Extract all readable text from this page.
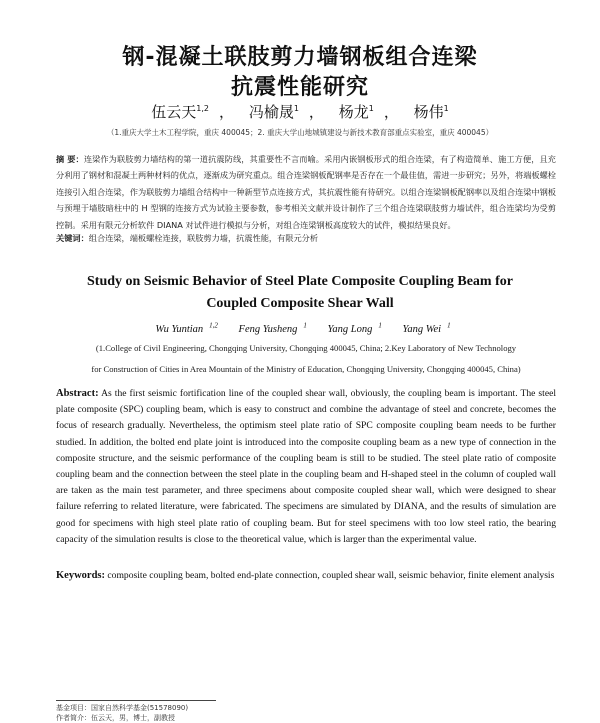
钢-混凝土联肢剪力墙钢板组合连梁
抗震性能研究
伍云天$^{1,2}$ ， 冯榆晟$^1$ ， 杨龙$^1$ ， 杨伟$^1$
（1.重庆大学土木工程学院，重庆 400045；2. 重庆大学山地城镇建设与新技术教育部重点实验室，重庆 400045）
摘 要：连梁作为联肢剪力墙结构的第一道抗震防线，其重要性不言而喻。采用内嵌钢板形式的组合连梁，有了构造简单、施工方便，且充分利用了钢材和混凝土两种材料的优点，逐渐成为研究重点。组合连梁钢板配钢率是否存在一个最佳值，需进一步研究；另外，将端板螺栓连接引入组合连梁，作为联肢剪力墙组合结构中一种新型节点连接方式，其抗震性能有待研究。以组合连梁钢板配钢率以及组合连梁中钢板与预埋于墙肢暗柱中的 H 型钢的连接方式为试验主要参数，参考相关文献并设计制作了三个组合连梁联肢剪力墙试件，组合连梁均为受剪控制。采用有限元分析软件 DIANA 对试件进行模拟与分析，对组合连梁钢板高度较大的试件，模拟结果良好。
关键词：组合连梁，端板螺栓连接，联肢剪力墙，抗震性能，有限元分析
Study on Seismic Behavior of Steel Plate Composite Coupling Beam for
Coupled Composite Shear Wall
Wu Yuntian $^{1,2}$ Feng Yusheng $^1$ Yang Long $^1$ Yang Wei $^1$
(1.College of Civil Engineering, Chongqing University, Chongqing 400045, China; 2.Key Laboratory of New Technology
for Construction of Cities in Area Mountain of the Ministry of Education, Chongqing University, Chongqing 400045, China)
Abstract: As the first seismic fortification line of the coupled shear wall, obviously, the coupling beam is important. The steel plate composite (SPC) coupling beam, which is easy to construct and combine the advantage of steel and concrete, becomes the focus of research gradually. Nevertheless, the optimism steel plate ratio of SPC composite coupling beam needs to be further studied. In addition, the bolted end plate joint is introduced into the composite coupling beam as a new type of connection in the composite structure, and the seismic performance of the coupling beam is still to be studied. The steel plate ratio of composite coupling beam and the connection between the steel plate in the coupling beam and H-shaped steel in the column of coupled wall are taken as the main test parameter, and three specimens about composite coupled shear wall, which were designed to shear failure referring to related literature, were fabricated. The specimens are simulated by DIANA, and the results of simulation are good for specimens with high steel plate ratio of coupling beam. But for steel specimens with too low steel ratio, the bearing capacity of the simulation results is close to the theoretical value, which is larger than the experimental value.
Keywords: composite coupling beam, bolted end-plate connection, coupled shear wall, seismic behavior, finite element analysis
基金项目：国家自然科学基金(51578090)
作者简介：伍云天，男，博士，副教授
